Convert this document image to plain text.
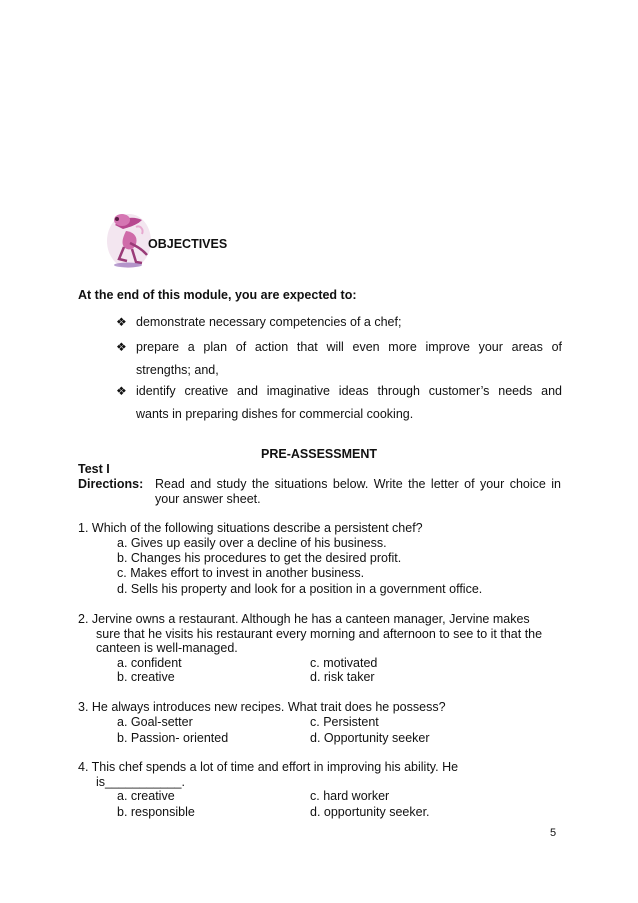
OBJECTIVES
At the end of this module, you are expected to:
❖ demonstrate necessary competencies of a chef;
❖ prepare a plan of action that will even more improve your areas of
strengths; and,
❖ identify creative and imaginative ideas through customer’s needs and
wants in preparing dishes for commercial cooking.
PRE-ASSESSMENT
Test I
Directions: Read and study the situations below. Write the letter of your choice in
your answer sheet.
1. Which of the following situations describe a persistent chef?
a. Gives up easily over a decline of his business.
b. Changes his procedures to get the desired profit.
c. Makes effort to invest in another business.
d. Sells his property and look for a position in a government office.
2. Jervine owns a restaurant. Although he has a canteen manager, Jervine makes
sure that he visits his restaurant every morning and afternoon to see to it that the
canteen is well-managed.
a. confident
b. creative
c. motivated
d. risk taker
3. He always introduces new recipes. What trait does he possess?
a. Goal-setter
b. Passion- oriented
c. Persistent
d. Opportunity seeker
4. This chef spends a lot of time and effort in improving his ability. He
is___________.
a. creative
b. responsible
c. hard worker
d. opportunity seeker.
5
